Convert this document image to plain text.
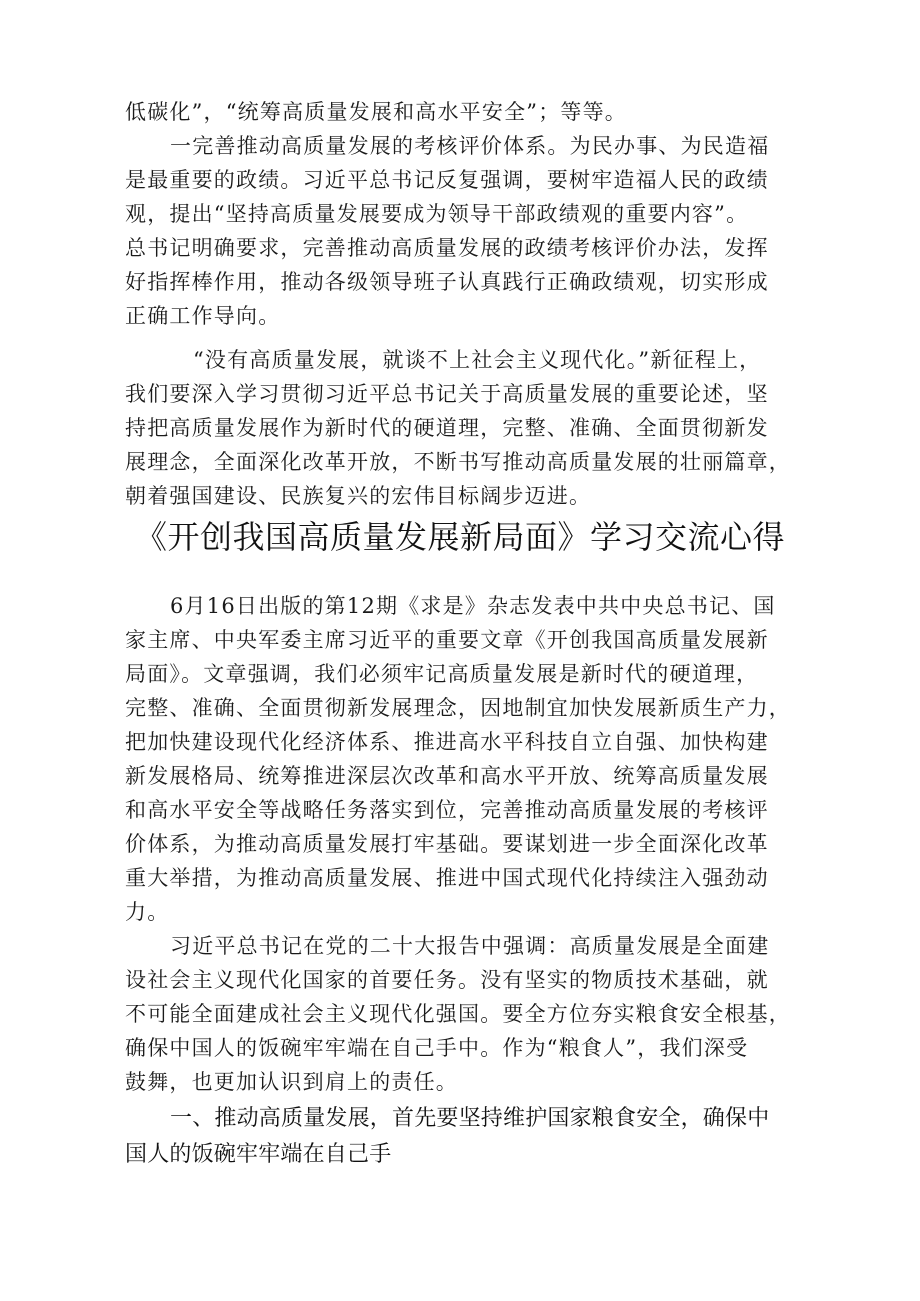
低碳化”，“统筹高质量发展和高水平安全”；等等。

一完善推动高质量发展的考核评价体系。为民办事、为民造福

是最重要的政绩。习近平总书记反复强调，要树牢造福人民的政绩

观，提出“坚持高质量发展要成为领导干部政绩观的重要内容”。

总书记明确要求，完善推动高质量发展的政绩考核评价办法，发挥

好指挥棒作用，推动各级领导班子认真践行正确政绩观，切实形成

正确工作导向。

“没有高质量发展，就谈不上社会主义现代化。”新征程上，

我们要深入学习贯彻习近平总书记关于高质量发展的重要论述，坚

持把高质量发展作为新时代的硬道理，完整、准确、全面贯彻新发

展理念，全面深化改革开放，不断书写推动高质量发展的壮丽篇章，

朝着强国建设、民族复兴的宏伟目标阔步迈进。

《开创我国高质量发展新局面》学习交流心得

6月16日出版的第12期《求是》杂志发表中共中央总书记、国

家主席、中央军委主席习近平的重要文章《开创我国高质量发展新

局面》。文章强调，我们必须牢记高质量发展是新时代的硬道理，

完整、准确、全面贯彻新发展理念，因地制宜加快发展新质生产力，

把加快建设现代化经济体系、推进高水平科技自立自强、加快构建

新发展格局、统筹推进深层次改革和高水平开放、统筹高质量发展

和高水平安全等战略任务落实到位，完善推动高质量发展的考核评

价体系，为推动高质量发展打牢基础。要谋划进一步全面深化改革

重大举措，为推动高质量发展、推进中国式现代化持续注入强劲动

力。

习近平总书记在党的二十大报告中强调：高质量发展是全面建

设社会主义现代化国家的首要任务。没有坚实的物质技术基础，就

不可能全面建成社会主义现代化强国。要全方位夯实粮食安全根基，

确保中国人的饭碗牢牢端在自己手中。作为“粮食人”，我们深受

鼓舞，也更加认识到肩上的责任。

一、推动高质量发展，首先要坚持维护国家粮食安全，确保中

国人的饭碗牢牢端在自己手
